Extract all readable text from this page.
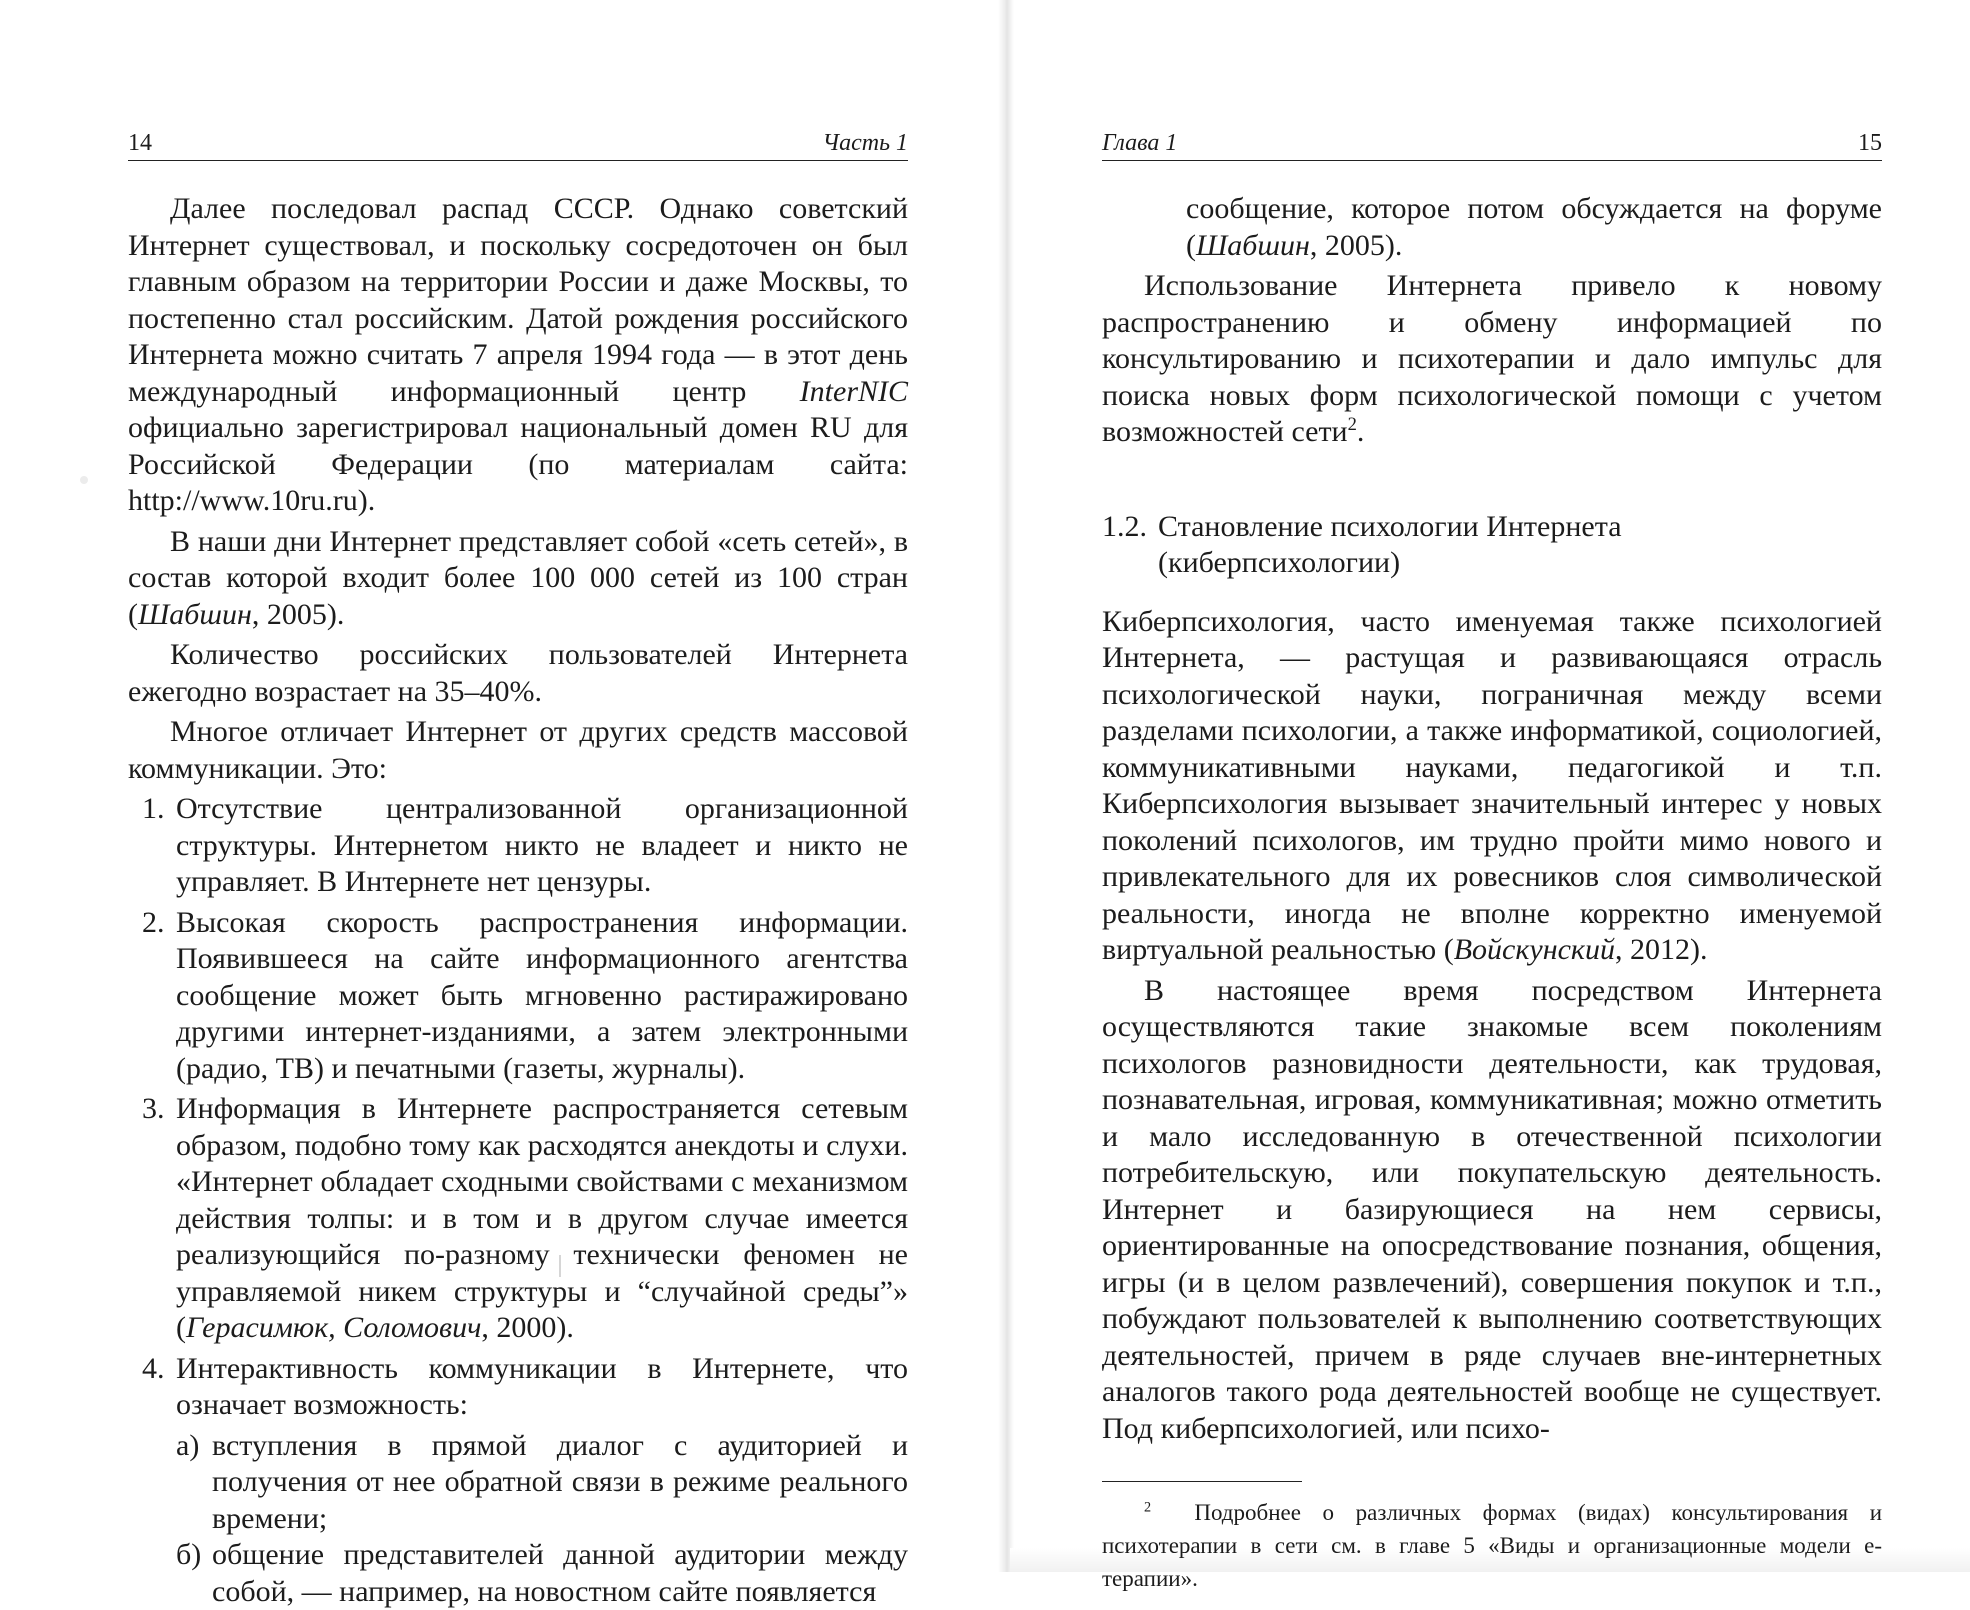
14	Часть 1

Далее последовал распад СССР. Однако советский Интернет существовал, и поскольку сосредоточен он был главным образом на территории России и даже Москвы, то постепенно стал российским. Датой рождения российского Интернета можно считать 7 апреля 1994 года — в этот день международный информационный центр InterNIC официально зарегистрировал национальный домен RU для Российской Федерации (по материалам сайта: http://www.10ru.ru).

В наши дни Интернет представляет собой «сеть сетей», в состав которой входит более 100 000 сетей из 100 стран (Шабшин, 2005).

Количество российских пользователей Интернета ежегодно возрастает на 35–40%.

Многое отличает Интернет от других средств массовой коммуникации. Это:

1. Отсутствие централизованной организационной структуры. Интернетом никто не владеет и никто не управляет. В Интернете нет цензуры.
2. Высокая скорость распространения информации. Появившееся на сайте информационного агентства сообщение может быть мгновенно растиражировано другими интернет-изданиями, а затем электронными (радио, ТВ) и печатными (газеты, журналы).
3. Информация в Интернете распространяется сетевым образом, подобно тому как расходятся анекдоты и слухи. «Интернет обладает сходными свойствами с механизмом действия толпы: и в том и в другом случае имеется реализующийся по-разному технически феномен не управляемой никем структуры и “случайной среды”» (Герасимюк, Соломович, 2000).
4. Интерактивность коммуникации в Интернете, что означает возможность:
а) вступления в прямой диалог с аудиторией и получения от нее обратной связи в режиме реального времени;
б) общение представителей данной аудитории между собой, — например, на новостном сайте появляется
Глава 1	15

сообщение, которое потом обсуждается на форуме (Шабшин, 2005).

Использование Интернета привело к новому распространению и обмену информацией по консультированию и психотерапии и дало импульс для поиска новых форм психологической помощи с учетом возможностей сети$^2$.

1.2. Становление психологии Интернета
(киберпсихологии)

Киберпсихология, часто именуемая также психологией Интернета, — растущая и развивающаяся отрасль психологической науки, пограничная между всеми разделами психологии, а также информатикой, социологией, коммуникативными науками, педагогикой и т.п. Киберпсихология вызывает значительный интерес у новых поколений психологов, им трудно пройти мимо нового и привлекательного для их ровесников слоя символической реальности, иногда не вполне корректно именуемой виртуальной реальностью (Войскунский, 2012).

В настоящее время посредством Интернета осуществляются такие знакомые всем поколениям психологов разновидности деятельности, как трудовая, познавательная, игровая, коммуникативная; можно отметить и мало исследованную в отечественной психологии потребительскую, или покупательскую деятельность. Интернет и базирующиеся на нем сервисы, ориентированные на опосредствование познания, общения, игры (и в целом развлечений), совершения покупок и т.п., побуждают пользователей к выполнению соответствующих деятельностей, причем в ряде случаев вне-интернетных аналогов такого рода деятельностей вообще не существует. Под киберпсихологией, или психо-

$^2$ Подробнее о различных формах (видах) консультирования и психотерапии в сети см. в главе 5 «Виды и организационные модели е-терапии».
